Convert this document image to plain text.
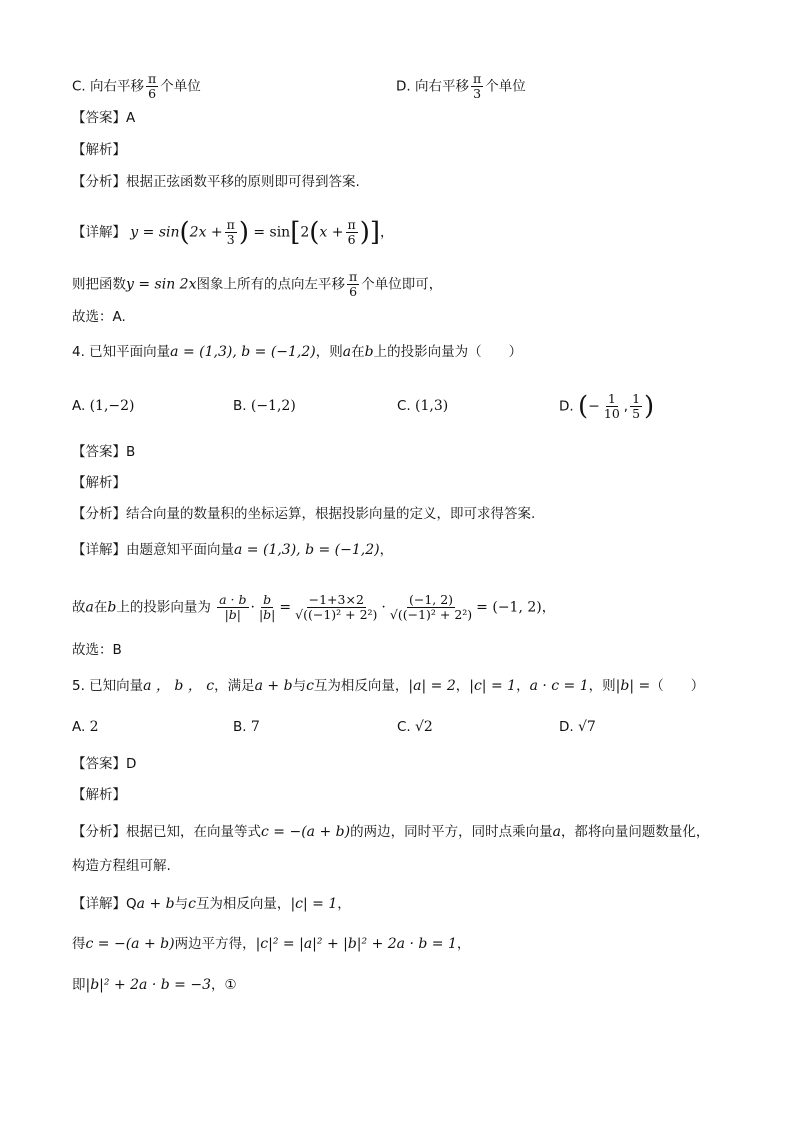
C. 向右平移 $\frac{\pi}{6}$ 个单位	D. 向右平移 $\frac{\pi}{3}$ 个单位
【答案】A
【解析】
【分析】根据正弦函数平移的原则即可得到答案.
【详解】 $y = \sin(2x + \frac{\pi}{3}$ ) = $\sin[2(x + \frac{\pi}{6}$ )]，
则把函数y = sin 2x图象上所有的点向左平移 $\frac{\pi}{6}$ 个单位即可，
故选：A.
4. 已知平面向量a = (1,3), b = (−1,2)，则a在b上的投影向量为（　　）
A. (1,−2)	B. (−1,2)	C. (1,3)	D. (− $\frac{1}{10}$ , $\frac{1}{5}$ )
【答案】B
【解析】
【分析】结合向量的数量积的坐标运算，根据投影向量的定义，即可求得答案.
【详解】由题意知平面向量a = (1,3), b = (−1,2)，
故a在b上的投影向量为 $\frac{a \cdot b}{|b|} \cdot \frac{b}{|b|} = \frac{-1+3\times 2}{\text{√((−1)² + 2²)}} \cdot \frac{(-1, 2)}{\text{√((−1)² + 2²)}} = (-1$, 2)，
故选：B
5. 已知向量a ， b ， c，满足a + b与c互为相反向量，|a| = 2，|c| = 1，a · c = 1，则|b| =（　　）
A. 2	B. 7	C. √2	D. √7
【答案】D
【解析】
【分析】根据已知，在向量等式c = −(a + b)的两边，同时平方，同时点乘向量a，都将向量问题数量化，
构造方程组可解.
【详解】Qa + b与c互为相反向量，|c| = 1，
得c = −(a + b)两边平方得，|c|² = |a|² + |b|² + 2a · b = 1，
即|b|² + 2a · b = −3，①
